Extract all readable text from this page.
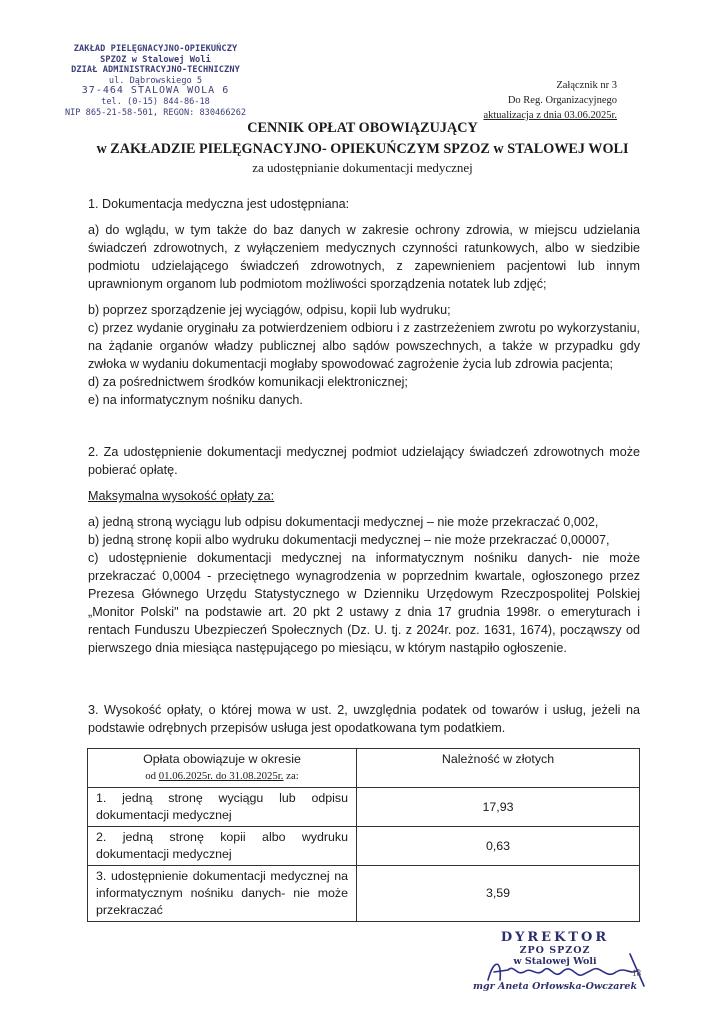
ZAKŁAD PIELĘGNACYJNO-OPIEKUŃCZY
SPZOZ w Stalowej Woli
DZIAŁ ADMINISTRACYJNO-TECHNICZNY
ul. Dąbrowskiego 5
37-464 STALOWA WOLA 6
tel. (0-15) 844-86-18
NIP 865-21-58-501, REGON: 830466262
Załącznik nr 3
Do Reg. Organizacyjnego
aktualizacja z dnia 03.06.2025r.
CENNIK OPŁAT OBOWIĄZUJĄCY
w ZAKŁADZIE PIELĘGNACYJNO- OPIEKUŃCZYM SPZOZ w STALOWEJ WOLI
za udostępnianie dokumentacji medycznej

1. Dokumentacja medyczna jest udostępniana:

a) do wglądu, w tym także do baz danych w zakresie ochrony zdrowia, w miejscu udzielania świadczeń zdrowotnych, z wyłączeniem medycznych czynności ratunkowych, albo w siedzibie podmiotu udzielającego świadczeń zdrowotnych, z zapewnieniem pacjentowi lub innym uprawnionym organom lub podmiotom możliwości sporządzenia notatek lub zdjęć;

b) poprzez sporządzenie jej wyciągów, odpisu, kopii lub wydruku;

c) przez wydanie oryginału za potwierdzeniem odbioru i z zastrzeżeniem zwrotu po wykorzystaniu, na żądanie organów władzy publicznej albo sądów powszechnych, a także w przypadku gdy zwłoka w wydaniu dokumentacji mogłaby spowodować zagrożenie życia lub zdrowia pacjenta;

d) za pośrednictwem środków komunikacji elektronicznej;

e) na informatycznym nośniku danych.

2. Za udostępnienie dokumentacji medycznej podmiot udzielający świadczeń zdrowotnych może pobierać opłatę.

Maksymalna wysokość opłaty za:

a) jedną stroną wyciągu lub odpisu dokumentacji medycznej – nie może przekraczać 0,002,

b) jedną stronę kopii albo wydruku dokumentacji medycznej – nie może przekraczać 0,00007,

c) udostępnienie dokumentacji medycznej na informatycznym nośniku danych- nie może przekraczać 0,0004 - przeciętnego wynagrodzenia w poprzednim kwartale, ogłoszonego przez Prezesa Głównego Urzędu Statystycznego w Dzienniku Urzędowym Rzeczpospolitej Polskiej „Monitor Polski" na podstawie art. 20 pkt 2 ustawy z dnia 17 grudnia 1998r. o emeryturach i rentach Funduszu Ubezpieczeń Społecznych (Dz. U. tj. z 2024r. poz. 1631, 1674), począwszy od pierwszego dnia miesiąca następującego po miesiącu, w którym nastąpiło ogłoszenie.

3. Wysokość opłaty, o której mowa w ust. 2, uwzględnia podatek od towarów i usług, jeżeli na podstawie odrębnych przepisów usługa jest opodatkowana tym podatkiem.

Opłata obowiązuje w okresie
od 01.06.2025r. do 31.08.2025r. za:	Należność w złotych
1. jedną stronę wyciągu lub odpisu dokumentacji medycznej	17,93
2. jedną stronę kopii albo wydruku dokumentacji medycznej	0,63
3. udostępnienie dokumentacji medycznej na informatycznym nośniku danych- nie może przekraczać	3,59
DYREKTOR
ZPO SPZOZ
w Stalowej Woli
mgr Aneta Orłowska-Owczarek
18
